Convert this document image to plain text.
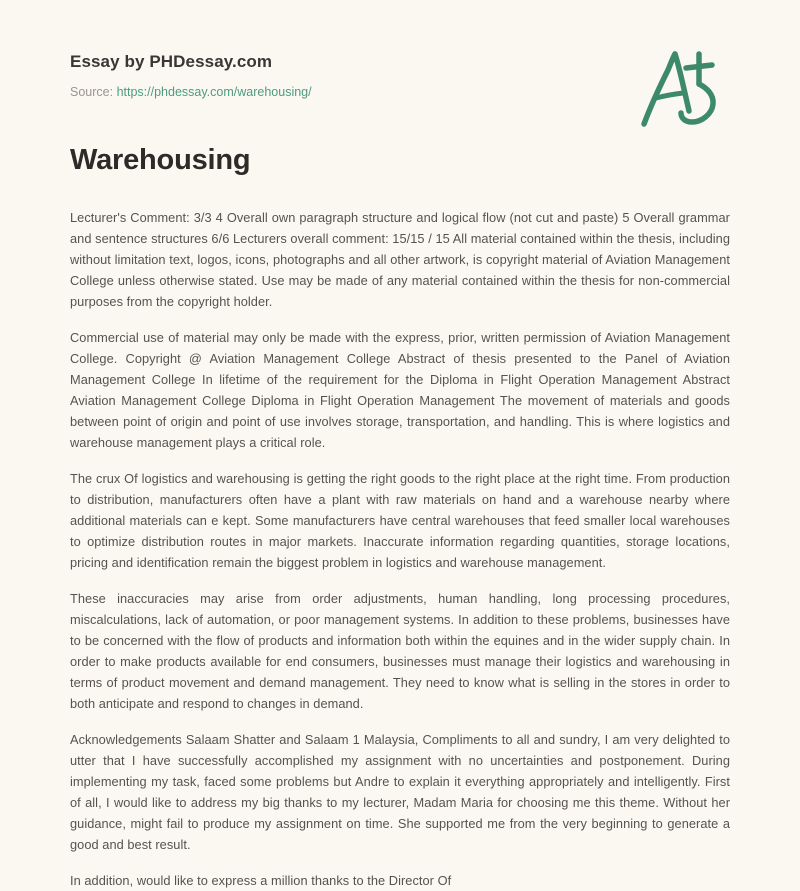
Essay by PHDessay.com
Source: https://phdessay.com/warehousing/
Warehousing

Lecturer's Comment: 3/3 4 Overall own paragraph structure and logical flow (not cut and paste) 5 Overall grammar and sentence structures 6/6 Lecturers overall comment: 15/15 / 15 All material contained within the thesis, including without limitation text, logos, icons, photographs and all other artwork, is copyright material of Aviation Management College unless otherwise stated. Use may be made of any material contained within the thesis for non-commercial purposes from the copyright holder.

Commercial use of material may only be made with the express, prior, written permission of Aviation Management College. Copyright @ Aviation Management College Abstract of thesis presented to the Panel of Aviation Management College In lifetime of the requirement for the Diploma in Flight Operation Management Abstract Aviation Management College Diploma in Flight Operation Management The movement of materials and goods between point of origin and point of use involves storage, transportation, and handling. This is where logistics and warehouse management plays a critical role.

The crux Of logistics and warehousing is getting the right goods to the right place at the right time. From production to distribution, manufacturers often have a plant with raw materials on hand and a warehouse nearby where additional materials can e kept. Some manufacturers have central warehouses that feed smaller local warehouses to optimize distribution routes in major markets. Inaccurate information regarding quantities, storage locations, pricing and identification remain the biggest problem in logistics and warehouse management.

These inaccuracies may arise from order adjustments, human handling, long processing procedures, miscalculations, lack of automation, or poor management systems. In addition to these problems, businesses have to be concerned with the flow of products and information both within the equines and in the wider supply chain. In order to make products available for end consumers, businesses must manage their logistics and warehousing in terms of product movement and demand management. They need to know what is selling in the stores in order to both anticipate and respond to changes in demand.

Acknowledgements Salaam Shatter and Salaam 1 Malaysia, Compliments to all and sundry, I am very delighted to utter that I have successfully accomplished my assignment with no uncertainties and postponement. During implementing my task, faced some problems but Andre to explain it everything appropriately and intelligently. First of all, I would like to address my big thanks to my lecturer, Madam Maria for choosing me this theme. Without her guidance, might fail to produce my assignment on time. She supported me from the very beginning to generate a good and best result.

In addition, would like to express a million thanks to the Director Of
